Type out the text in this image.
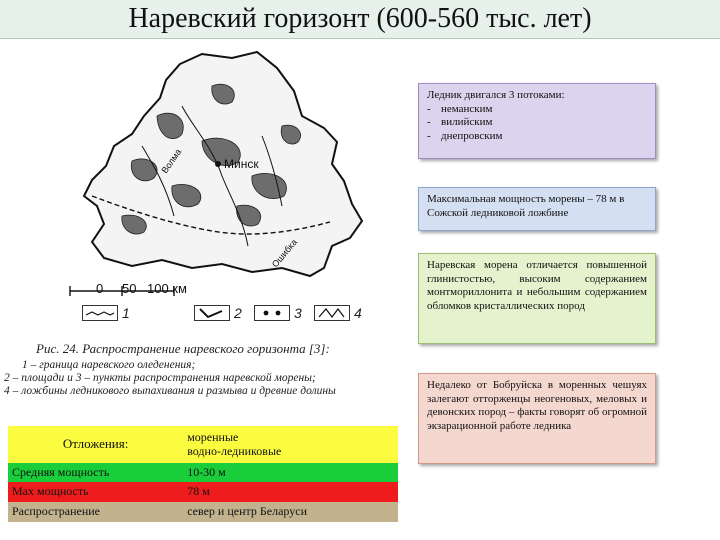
Наревский горизонт (600-560 тыс. лет)
Минск
Волма
Ошибка
0 50 100 км
1	2	3	4
Рис. 24. Распространение наревского горизонта [3]:
1 – граница наревского оледенения;
2 – площади и 3 – пункты распространения наревской морены;
4 – ложбины ледникового выпахивания и размыва и древние долины
Ледник двигался 3 потоками:
- неманским
- вилийским
- днепровским
Максимальная мощность морены – 78 м в Сожской ледниковой ложбине
Наревская морена отличается повышенной глинистостью, высоким содержанием монтмориллонита и небольшим содержанием обломков кристаллических пород
Недалеко от Бобруйска в моренных чешуях залегают отторженцы неогеновых, меловых и девонских пород – факты говорят об огромной экзарационной работе ледника
Отложения:	моренные
водно-ледниковые
Средняя мощность	10-30 м
Max мощность	78 м
Распространение	север и центр Беларуси
